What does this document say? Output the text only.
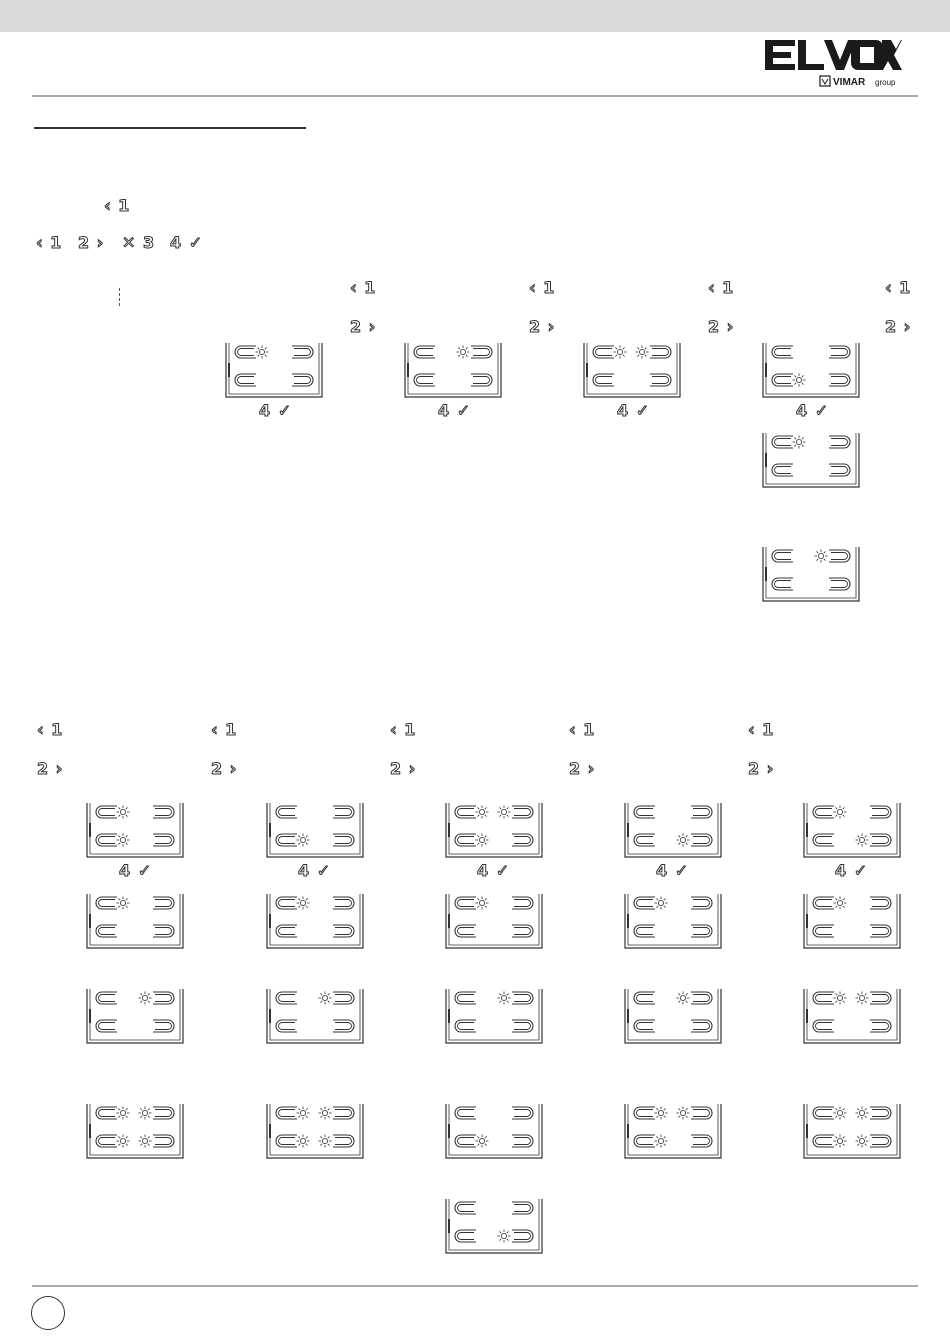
VIMAR group
‹ 1
‹ 1 2 › ✕ 3 4 ✓
‹ 1	‹ 1	‹ 1	‹ 1
2 ›	2 ›	2 ›	2 ›
4 ✓	4 ✓	4 ✓	4 ✓
‹ 1	‹ 1	‹ 1	‹ 1	‹ 1
2 ›	2 ›	2 ›	2 ›	2 ›
4 ✓	4 ✓	4 ✓	4 ✓	4 ✓
